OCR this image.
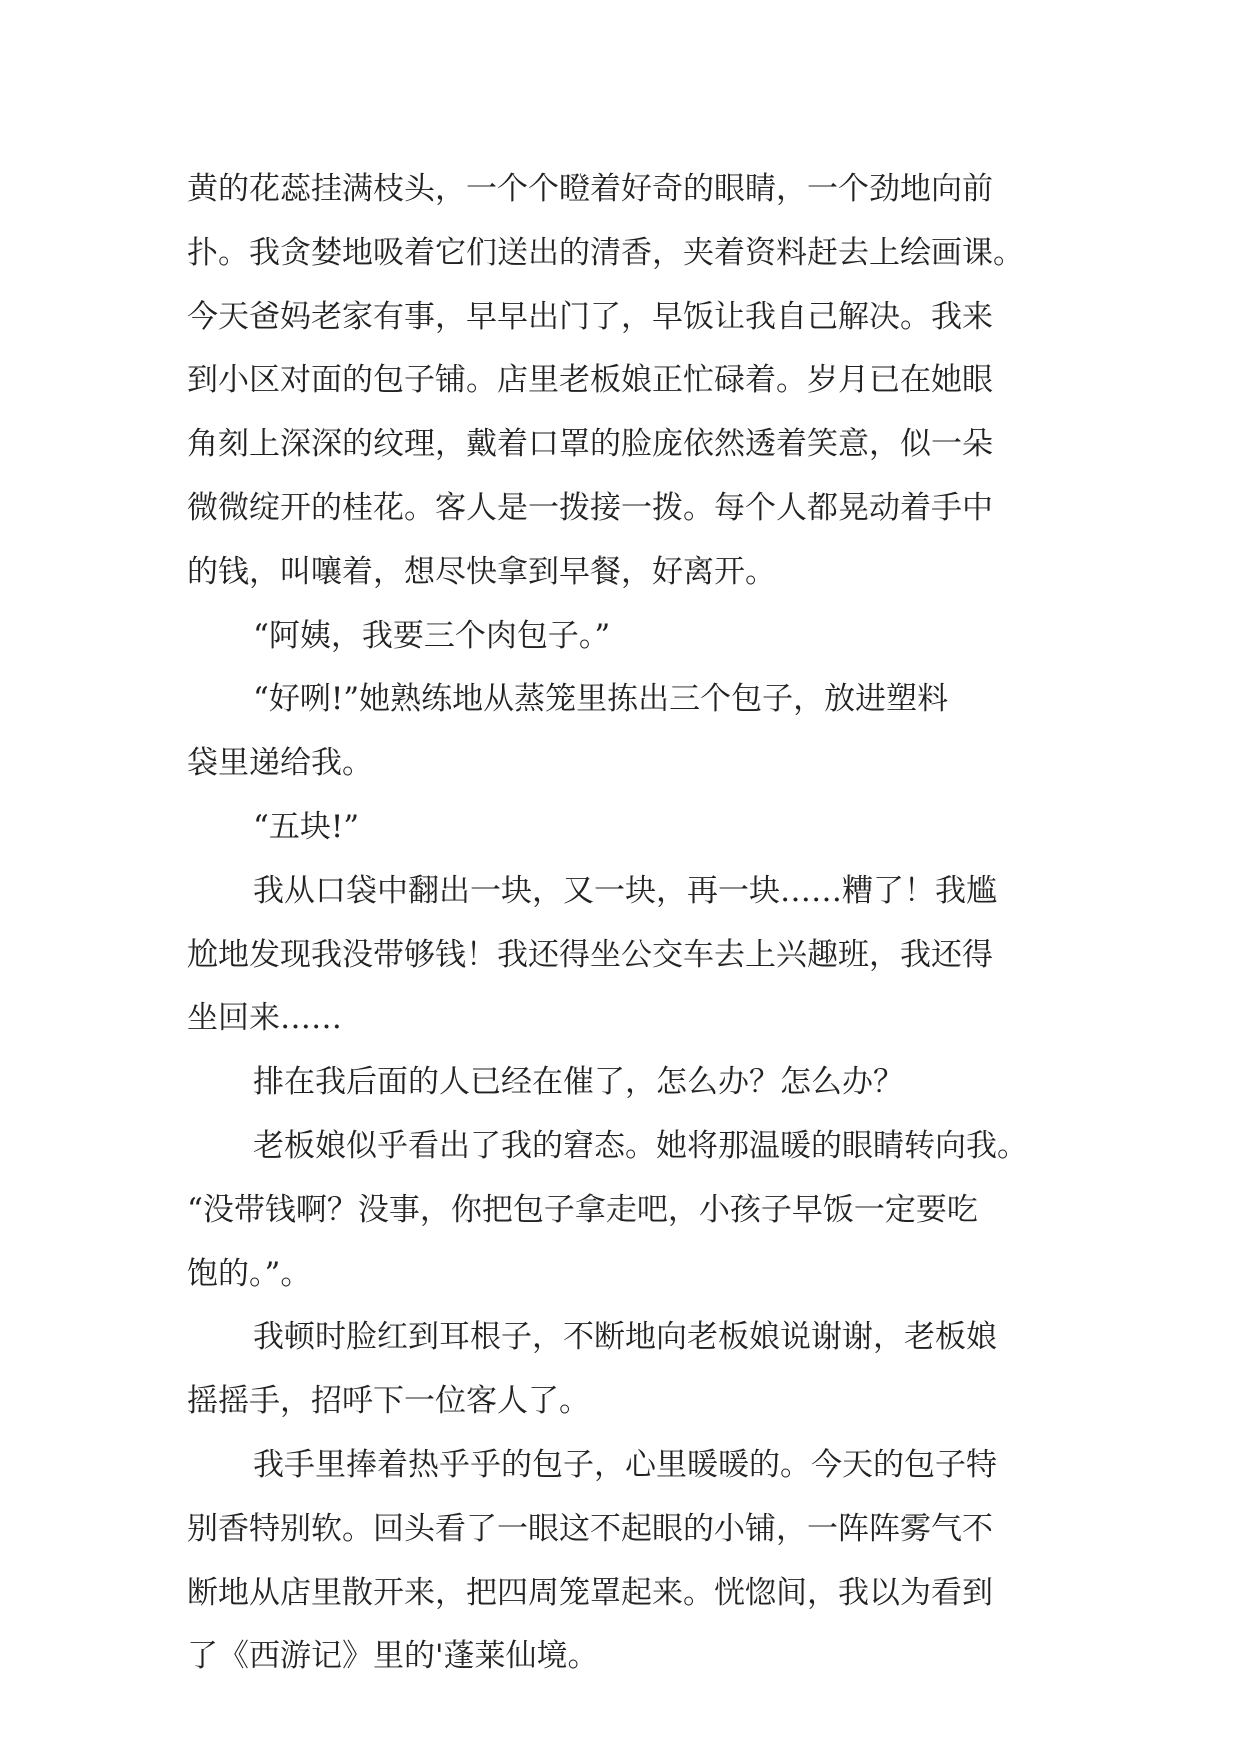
黄的花蕊挂满枝头，一个个瞪着好奇的眼睛，一个劲地向前
扑。我贪婪地吸着它们送出的清香，夹着资料赶去上绘画课。
今天爸妈老家有事，早早出门了，早饭让我自己解决。我来
到小区对面的包子铺。店里老板娘正忙碌着。岁月已在她眼
角刻上深深的纹理，戴着口罩的脸庞依然透着笑意，似一朵
微微绽开的桂花。客人是一拨接一拨。每个人都晃动着手中
的钱，叫嚷着，想尽快拿到早餐，好离开。
“阿姨，我要三个肉包子。”
“好咧!”她熟练地从蒸笼里拣出三个包子，放进塑料
袋里递给我。
“五块!”
我从口袋中翻出一块，又一块，再一块……糟了！我尴
尬地发现我没带够钱！我还得坐公交车去上兴趣班，我还得
坐回来……
排在我后面的人已经在催了，怎么办？怎么办？
老板娘似乎看出了我的窘态。她将那温暖的眼睛转向我。
“没带钱啊？没事，你把包子拿走吧，小孩子早饭一定要吃
饱的。”。
我顿时脸红到耳根子，不断地向老板娘说谢谢，老板娘
摇摇手，招呼下一位客人了。
我手里捧着热乎乎的包子，心里暖暖的。今天的包子特
别香特别软。回头看了一眼这不起眼的小铺，一阵阵雾气不
断地从店里散开来，把四周笼罩起来。恍惚间，我以为看到
了《西游记》里的'蓬莱仙境。
